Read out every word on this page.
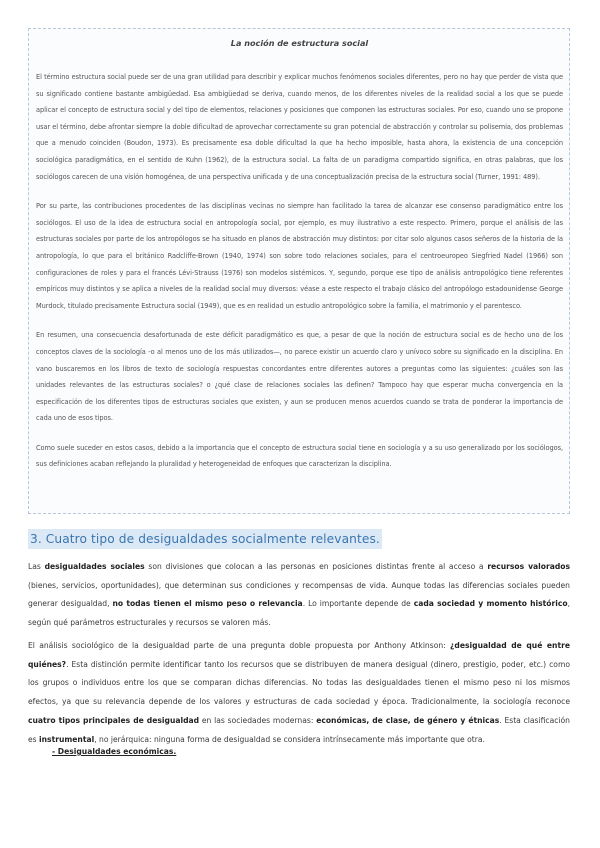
La noción de estructura social

El término estructura social puede ser de una gran utilidad para describir y explicar muchos fenómenos sociales diferentes, pero no hay que perder de vista que su significado contiene bastante ambigüedad. Esa ambigüedad se deriva, cuando menos, de los diferentes niveles de la realidad social a los que se puede aplicar el concepto de estructura social y del tipo de elementos, relaciones y posiciones que componen las estructuras sociales. Por eso, cuando uno se propone usar el término, debe afrontar siempre la doble dificultad de aprovechar correctamente su gran potencial de abstracción y controlar su polisemia, dos problemas que a menudo coinciden (Boudon, 1973). Es precisamente esa doble dificultad la que ha hecho imposible, hasta ahora, la existencia de una concepción sociológica paradigmática, en el sentido de Kuhn (1962), de la estructura social. La falta de un paradigma compartido significa, en otras palabras, que los sociólogos carecen de una visión homogénea, de una perspectiva unificada y de una conceptualización precisa de la estructura social (Turner, 1991: 489).

Por su parte, las contribuciones procedentes de las disciplinas vecinas no siempre han facilitado la tarea de alcanzar ese consenso paradigmático entre los sociólogos. El uso de la idea de estructura social en antropología social, por ejemplo, es muy ilustrativo a este respecto. Primero, porque el análisis de las estructuras sociales por parte de los antropólogos se ha situado en planos de abstracción muy distintos: por citar solo algunos casos señeros de la historia de la antropología, lo que para el británico Radcliffe-Brown (1940, 1974) son sobre todo relaciones sociales, para el centroeuropeo Siegfried Nadel (1966) son configuraciones de roles y para el francés Lévi-Strauss (1976) son modelos sistémicos. Y, segundo, porque ese tipo de análisis antropológico tiene referentes empíricos muy distintos y se aplica a niveles de la realidad social muy diversos: véase a este respecto el trabajo clásico del antropólogo estadounidense George Murdock, titulado precisamente Estructura social (1949), que es en realidad un estudio antropológico sobre la familia, el matrimonio y el parentesco.

En resumen, una consecuencia desafortunada de este déficit paradigmático es que, a pesar de que la noción de estructura social es de hecho uno de los conceptos claves de la sociología -o al menos uno de los más utilizados—, no parece existir un acuerdo claro y unívoco sobre su significado en la disciplina. En vano buscaremos en los libros de texto de sociología respuestas concordantes entre diferentes autores a preguntas como las siguientes: ¿cuáles son las unidades relevantes de las estructuras sociales? o ¿qué clase de relaciones sociales las definen? Tampoco hay que esperar mucha convergencia en la especificación de los diferentes tipos de estructuras sociales que existen, y aun se producen menos acuerdos cuando se trata de ponderar la importancia de cada uno de esos tipos.

Como suele suceder en estos casos, debido a la importancia que el concepto de estructura social tiene en sociología y a su uso generalizado por los sociólogos, sus definiciones acaban reflejando la pluralidad y heterogeneidad de enfoques que caracterizan la disciplina.

3. Cuatro tipo de desigualdades socialmente relevantes.

Las desigualdades sociales son divisiones que colocan a las personas en posiciones distintas frente al acceso a recursos valorados (bienes, servicios, oportunidades), que determinan sus condiciones y recompensas de vida. Aunque todas las diferencias sociales pueden generar desigualdad, no todas tienen el mismo peso o relevancia. Lo importante depende de cada sociedad y momento histórico, según qué parámetros estructurales y recursos se valoren más.

El análisis sociológico de la desigualdad parte de una pregunta doble propuesta por Anthony Atkinson: ¿desigualdad de qué entre quiénes?. Esta distinción permite identificar tanto los recursos que se distribuyen de manera desigual (dinero, prestigio, poder, etc.) como los grupos o individuos entre los que se comparan dichas diferencias. No todas las desigualdades tienen el mismo peso ni los mismos efectos, ya que su relevancia depende de los valores y estructuras de cada sociedad y época. Tradicionalmente, la sociología reconoce cuatro tipos principales de desigualdad en las sociedades modernas: económicas, de clase, de género y étnicas. Esta clasificación es instrumental, no jerárquica: ninguna forma de desigualdad se considera intrínsecamente más importante que otra.

- Desigualdades económicas.
